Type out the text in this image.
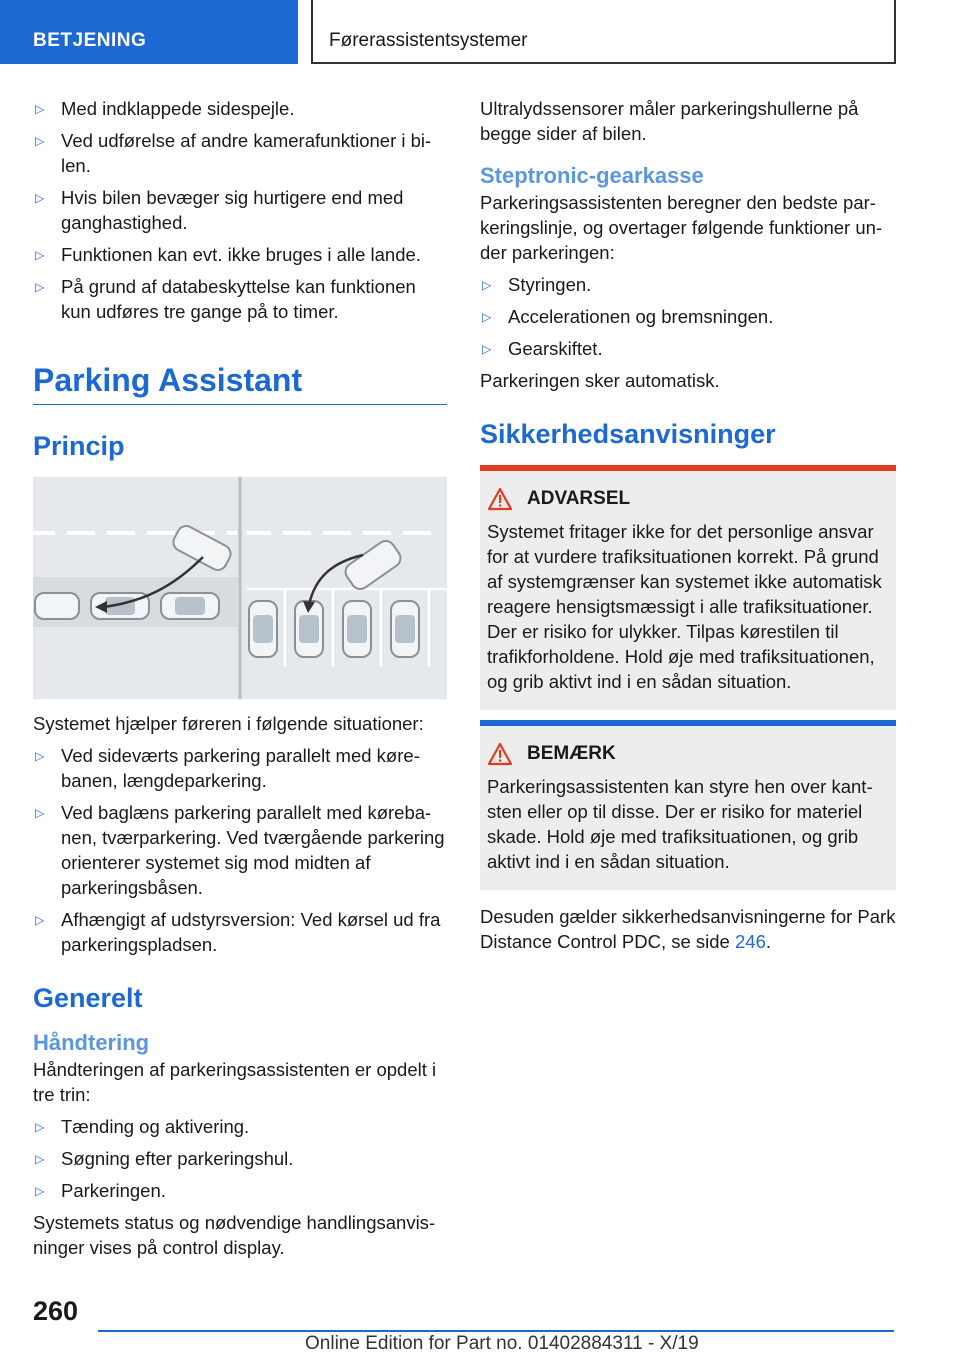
BETJENING	Førerassistentsystemer
▷ Med indklappede sidespejle.
▷ Ved udførelse af andre kamerafunktioner i bilen.
▷ Hvis bilen bevæger sig hurtigere end med ganghastighed.
▷ Funktionen kan evt. ikke bruges i alle lande.
▷ På grund af databeskyttelse kan funktionen kun udføres tre gange på to timer.
Parking Assistant
Princip

Systemet hjælper føreren i følgende situationer:

▷ Ved sideværts parkering parallelt med kørebanen, længdeparkering.
▷ Ved baglæns parkering parallelt med kørebanen, tværparkering. Ved tværgående parkering orienterer systemet sig mod midten af parkeringsbåsen.
▷ Afhængigt af udstyrsversion: Ved kørsel ud fra parkeringspladsen.
Generelt
Håndtering

Håndteringen af parkeringsassistenten er opdelt i tre trin:

▷ Tænding og aktivering.
▷ Søgning efter parkeringshul.
▷ Parkeringen.

Systemets status og nødvendige handlingsanvisninger vises på control display.

Ultralydssensorer måler parkeringshullerne på begge sider af bilen.

Steptronic-gearkasse

Parkeringsassistenten beregner den bedste parkeringslinje, og overtager følgende funktioner under parkeringen:

▷ Styringen.
▷ Accelerationen og bremsningen.
▷ Gearskiftet.

Parkeringen sker automatisk.

Sikkerhedsanvisninger
ADVARSEL

Systemet fritager ikke for det personlige ansvar for at vurdere trafiksituationen korrekt. På grund af systemgrænser kan systemet ikke automatisk reagere hensigtsmæssigt i alle trafiksituationer. Der er risiko for ulykker. Tilpas kørestilen til trafikforholdene. Hold øje med trafiksituationen, og grib aktivt ind i en sådan situation.

BEMÆRK

Parkeringsassistenten kan styre hen over kantsten eller op til disse. Der er risiko for materiel skade. Hold øje med trafiksituationen, og grib aktivt ind i en sådan situation.

Desuden gælder sikkerhedsanvisningerne for Park Distance Control PDC, se side 246.

260
Online Edition for Part no. 01402884311 - X/19
